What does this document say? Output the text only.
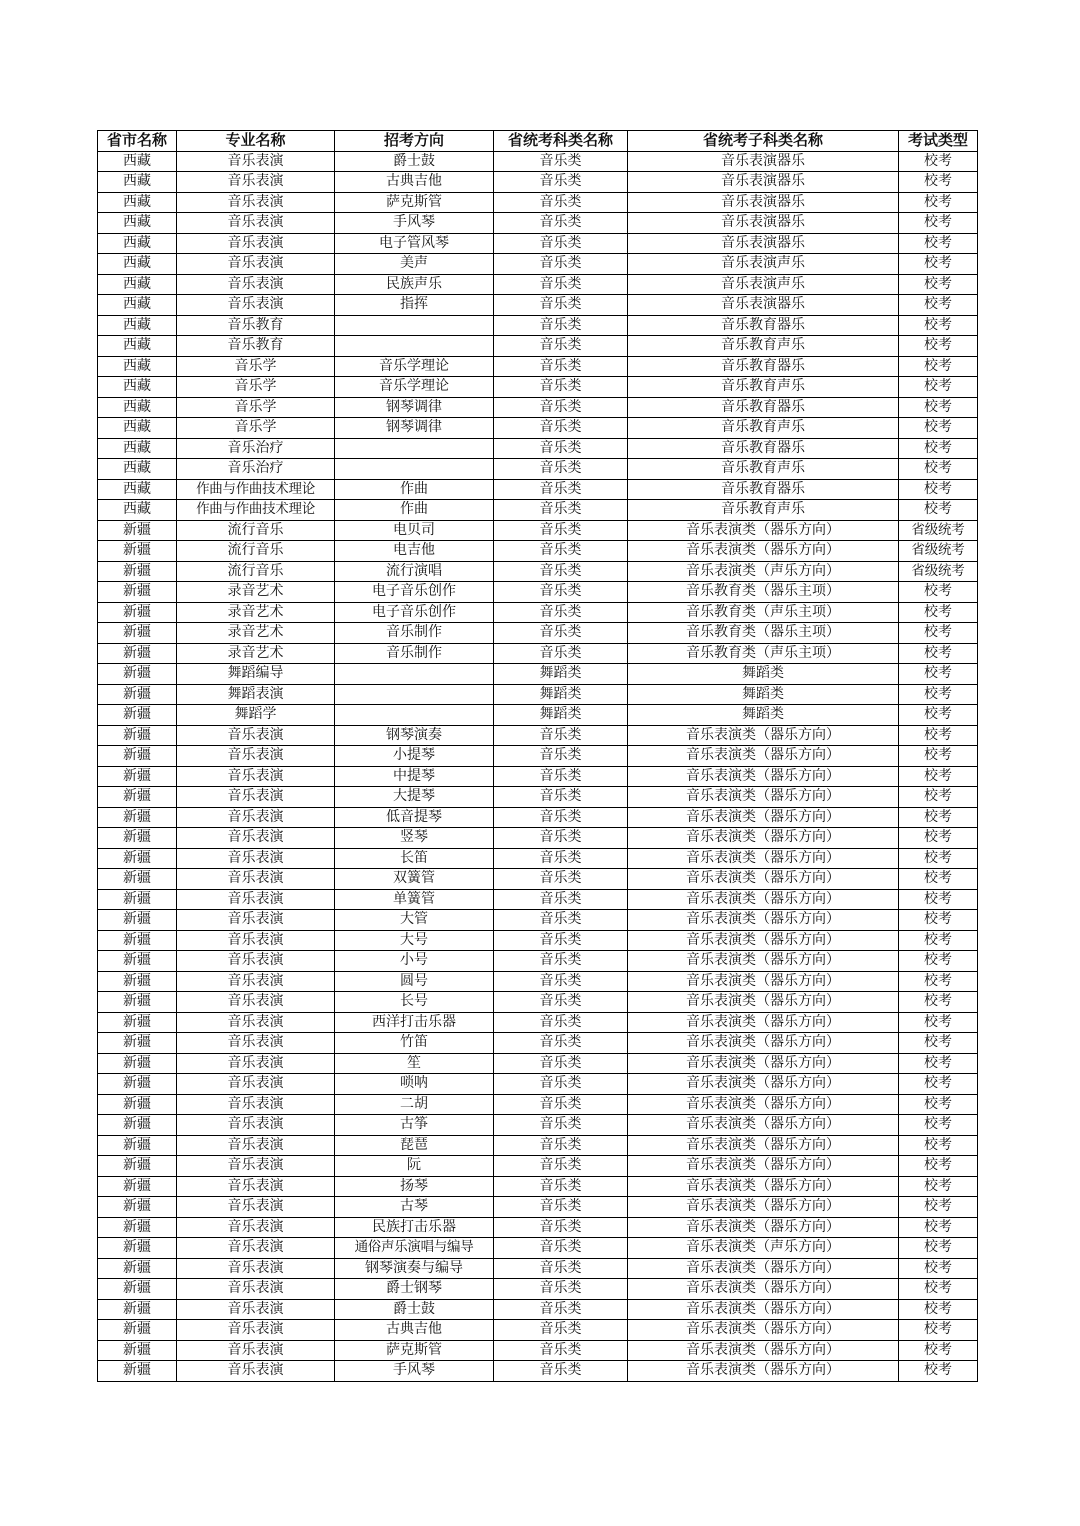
省市名称	专业名称	招考方向	省统考科类名称	省统考子科类名称	考试类型
西藏	音乐表演	爵士鼓	音乐类	音乐表演器乐	校考
西藏	音乐表演	古典吉他	音乐类	音乐表演器乐	校考
西藏	音乐表演	萨克斯管	音乐类	音乐表演器乐	校考
西藏	音乐表演	手风琴	音乐类	音乐表演器乐	校考
西藏	音乐表演	电子管风琴	音乐类	音乐表演器乐	校考
西藏	音乐表演	美声	音乐类	音乐表演声乐	校考
西藏	音乐表演	民族声乐	音乐类	音乐表演声乐	校考
西藏	音乐表演	指挥	音乐类	音乐表演器乐	校考
西藏	音乐教育		音乐类	音乐教育器乐	校考
西藏	音乐教育		音乐类	音乐教育声乐	校考
西藏	音乐学	音乐学理论	音乐类	音乐教育器乐	校考
西藏	音乐学	音乐学理论	音乐类	音乐教育声乐	校考
西藏	音乐学	钢琴调律	音乐类	音乐教育器乐	校考
西藏	音乐学	钢琴调律	音乐类	音乐教育声乐	校考
西藏	音乐治疗		音乐类	音乐教育器乐	校考
西藏	音乐治疗		音乐类	音乐教育声乐	校考
西藏	作曲与作曲技术理论	作曲	音乐类	音乐教育器乐	校考
西藏	作曲与作曲技术理论	作曲	音乐类	音乐教育声乐	校考
新疆	流行音乐	电贝司	音乐类	音乐表演类（器乐方向）	省级统考
新疆	流行音乐	电吉他	音乐类	音乐表演类（器乐方向）	省级统考
新疆	流行音乐	流行演唱	音乐类	音乐表演类（声乐方向）	省级统考
新疆	录音艺术	电子音乐创作	音乐类	音乐教育类（器乐主项）	校考
新疆	录音艺术	电子音乐创作	音乐类	音乐教育类（声乐主项）	校考
新疆	录音艺术	音乐制作	音乐类	音乐教育类（器乐主项）	校考
新疆	录音艺术	音乐制作	音乐类	音乐教育类（声乐主项）	校考
新疆	舞蹈编导		舞蹈类	舞蹈类	校考
新疆	舞蹈表演		舞蹈类	舞蹈类	校考
新疆	舞蹈学		舞蹈类	舞蹈类	校考
新疆	音乐表演	钢琴演奏	音乐类	音乐表演类（器乐方向）	校考
新疆	音乐表演	小提琴	音乐类	音乐表演类（器乐方向）	校考
新疆	音乐表演	中提琴	音乐类	音乐表演类（器乐方向）	校考
新疆	音乐表演	大提琴	音乐类	音乐表演类（器乐方向）	校考
新疆	音乐表演	低音提琴	音乐类	音乐表演类（器乐方向）	校考
新疆	音乐表演	竖琴	音乐类	音乐表演类（器乐方向）	校考
新疆	音乐表演	长笛	音乐类	音乐表演类（器乐方向）	校考
新疆	音乐表演	双簧管	音乐类	音乐表演类（器乐方向）	校考
新疆	音乐表演	单簧管	音乐类	音乐表演类（器乐方向）	校考
新疆	音乐表演	大管	音乐类	音乐表演类（器乐方向）	校考
新疆	音乐表演	大号	音乐类	音乐表演类（器乐方向）	校考
新疆	音乐表演	小号	音乐类	音乐表演类（器乐方向）	校考
新疆	音乐表演	圆号	音乐类	音乐表演类（器乐方向）	校考
新疆	音乐表演	长号	音乐类	音乐表演类（器乐方向）	校考
新疆	音乐表演	西洋打击乐器	音乐类	音乐表演类（器乐方向）	校考
新疆	音乐表演	竹笛	音乐类	音乐表演类（器乐方向）	校考
新疆	音乐表演	笙	音乐类	音乐表演类（器乐方向）	校考
新疆	音乐表演	唢呐	音乐类	音乐表演类（器乐方向）	校考
新疆	音乐表演	二胡	音乐类	音乐表演类（器乐方向）	校考
新疆	音乐表演	古筝	音乐类	音乐表演类（器乐方向）	校考
新疆	音乐表演	琵琶	音乐类	音乐表演类（器乐方向）	校考
新疆	音乐表演	阮	音乐类	音乐表演类（器乐方向）	校考
新疆	音乐表演	扬琴	音乐类	音乐表演类（器乐方向）	校考
新疆	音乐表演	古琴	音乐类	音乐表演类（器乐方向）	校考
新疆	音乐表演	民族打击乐器	音乐类	音乐表演类（器乐方向）	校考
新疆	音乐表演	通俗声乐演唱与编导	音乐类	音乐表演类（声乐方向）	校考
新疆	音乐表演	钢琴演奏与编导	音乐类	音乐表演类（器乐方向）	校考
新疆	音乐表演	爵士钢琴	音乐类	音乐表演类（器乐方向）	校考
新疆	音乐表演	爵士鼓	音乐类	音乐表演类（器乐方向）	校考
新疆	音乐表演	古典吉他	音乐类	音乐表演类（器乐方向）	校考
新疆	音乐表演	萨克斯管	音乐类	音乐表演类（器乐方向）	校考
新疆	音乐表演	手风琴	音乐类	音乐表演类（器乐方向）	校考
